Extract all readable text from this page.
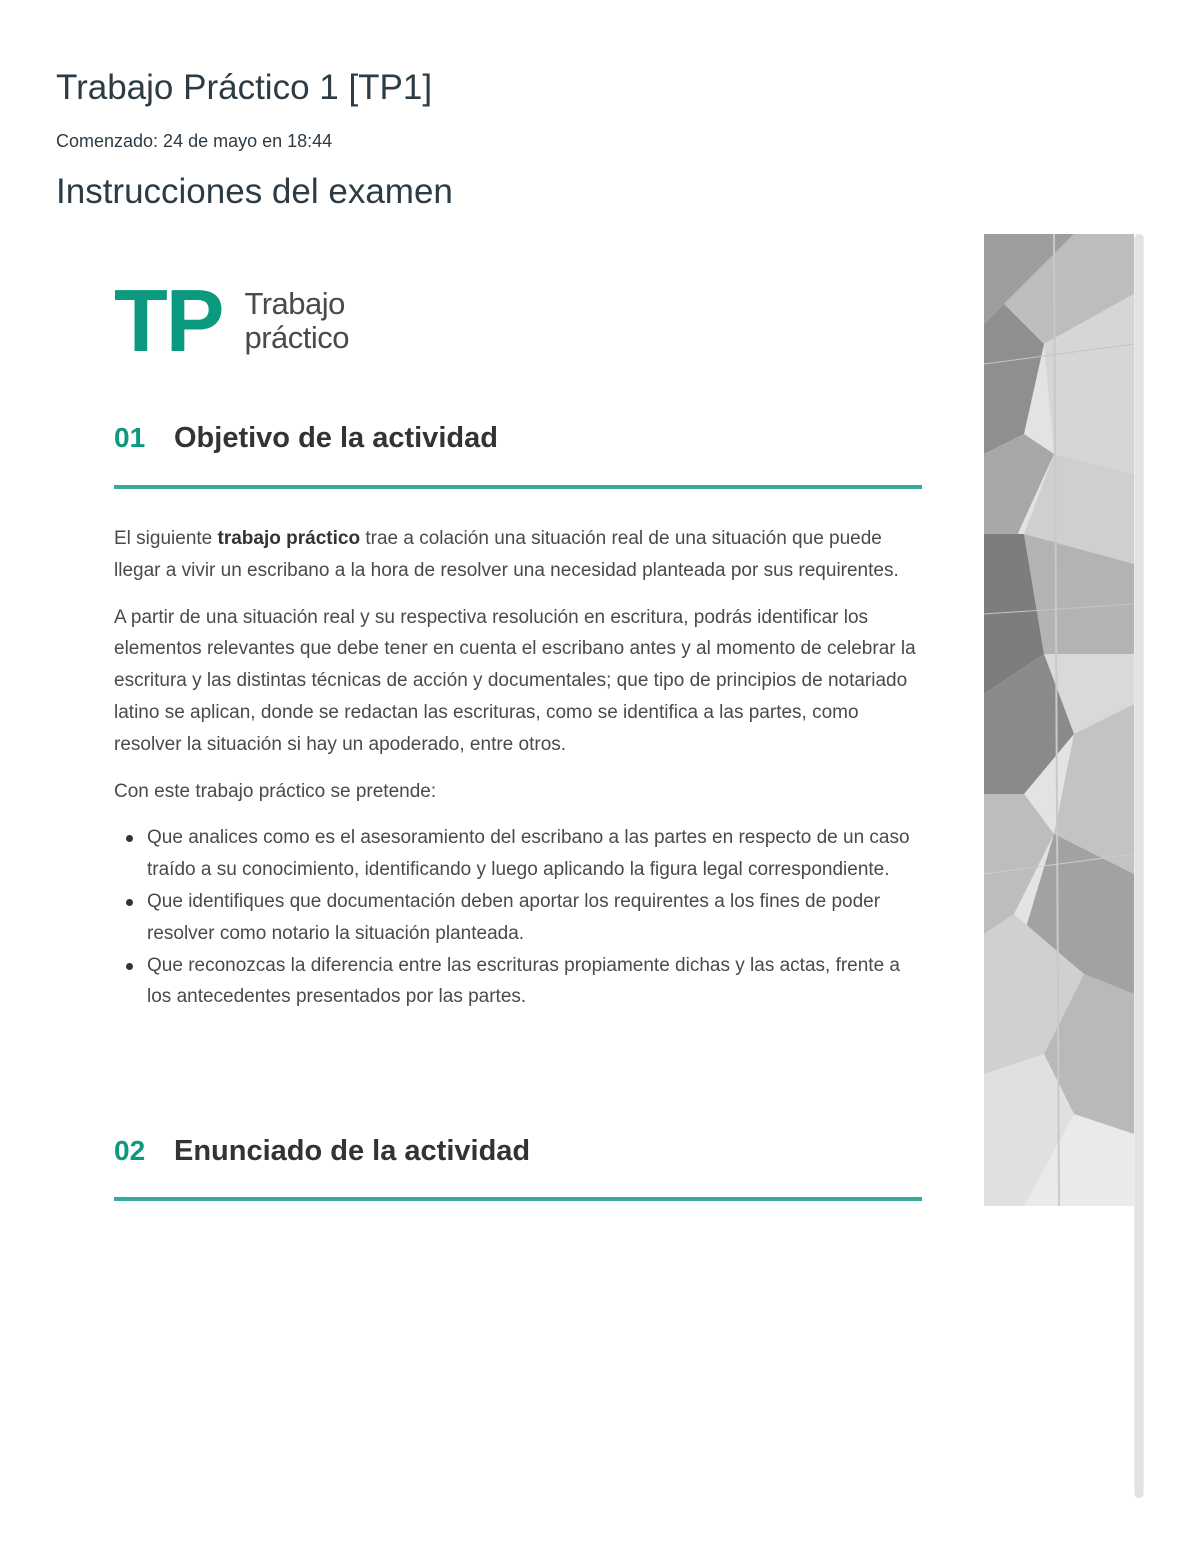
Trabajo Práctico 1 [TP1]
Comenzado: 24 de mayo en 18:44
Instrucciones del examen
TP Trabajo
práctico
01 Objetivo de la actividad

El siguiente trabajo práctico trae a colación una situación real de una situación que puede llegar a vivir un escribano a la hora de resolver una necesidad planteada por sus requirentes.

A partir de una situación real y su respectiva resolución en escritura, podrás identificar los elementos relevantes que debe tener en cuenta el escribano antes y al momento de celebrar la escritura y las distintas técnicas de acción y documentales; que tipo de principios de notariado latino se aplican, donde se redactan las escrituras, como se identifica a las partes, como resolver la situación si hay un apoderado, entre otros.

Con este trabajo práctico se pretende:

Que analices como es el asesoramiento del escribano a las partes en respecto de un caso traído a su conocimiento, identificando y luego aplicando la figura legal correspondiente.
Que identifiques que documentación deben aportar los requirentes a los fines de poder resolver como notario la situación planteada.
Que reconozcas la diferencia entre las escrituras propiamente dichas y las actas, frente a los antecedentes presentados por las partes.
02 Enunciado de la actividad
